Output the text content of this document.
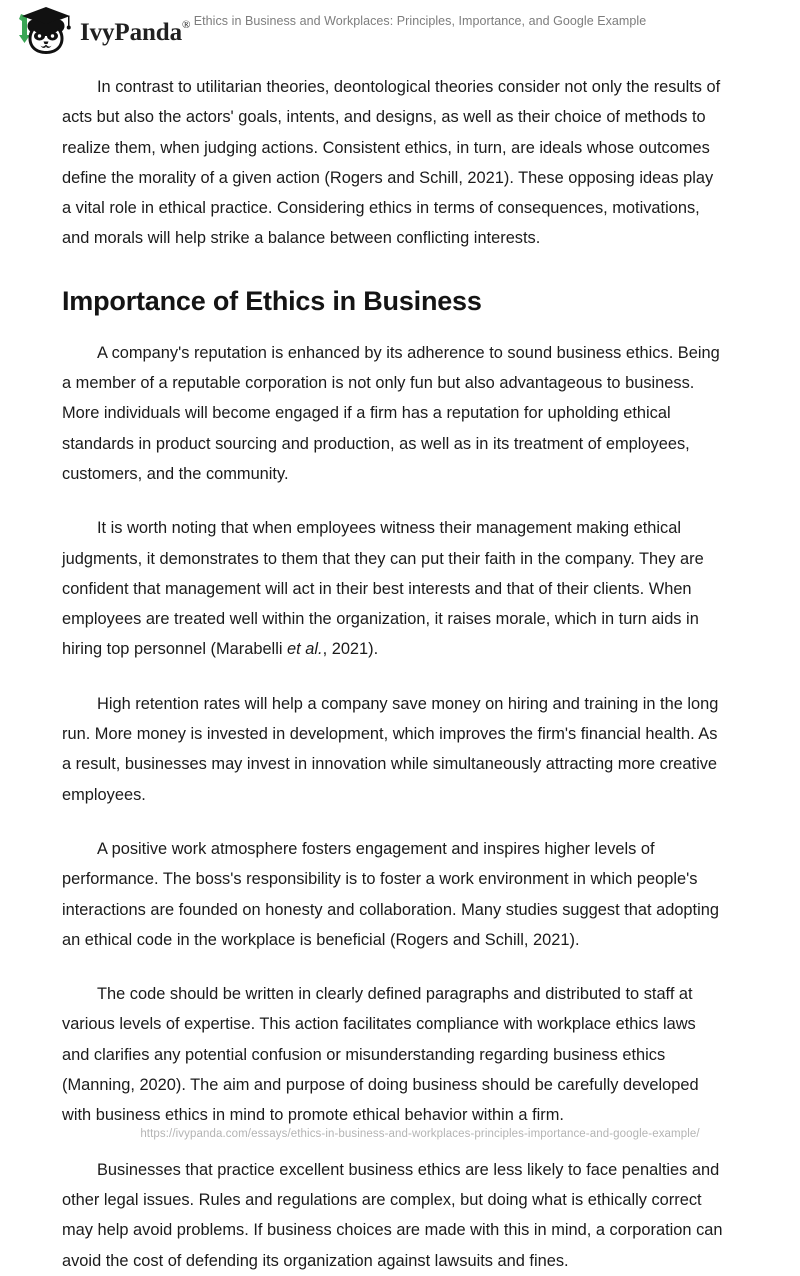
IvyPanda® Ethics in Business and Workplaces: Principles, Importance, and Google Example

In contrast to utilitarian theories, deontological theories consider not only the results of acts but also the actors' goals, intents, and designs, as well as their choice of methods to realize them, when judging actions. Consistent ethics, in turn, are ideals whose outcomes define the morality of a given action (Rogers and Schill, 2021). These opposing ideas play a vital role in ethical practice. Considering ethics in terms of consequences, motivations, and morals will help strike a balance between conflicting interests.

Importance of Ethics in Business

A company's reputation is enhanced by its adherence to sound business ethics. Being a member of a reputable corporation is not only fun but also advantageous to business. More individuals will become engaged if a firm has a reputation for upholding ethical standards in product sourcing and production, as well as in its treatment of employees, customers, and the community.

It is worth noting that when employees witness their management making ethical judgments, it demonstrates to them that they can put their faith in the company. They are confident that management will act in their best interests and that of their clients. When employees are treated well within the organization, it raises morale, which in turn aids in hiring top personnel (Marabelli et al., 2021).

High retention rates will help a company save money on hiring and training in the long run. More money is invested in development, which improves the firm's financial health. As a result, businesses may invest in innovation while simultaneously attracting more creative employees.

A positive work atmosphere fosters engagement and inspires higher levels of performance. The boss's responsibility is to foster a work environment in which people's interactions are founded on honesty and collaboration. Many studies suggest that adopting an ethical code in the workplace is beneficial (Rogers and Schill, 2021).

The code should be written in clearly defined paragraphs and distributed to staff at various levels of expertise. This action facilitates compliance with workplace ethics laws and clarifies any potential confusion or misunderstanding regarding business ethics (Manning, 2020). The aim and purpose of doing business should be carefully developed with business ethics in mind to promote ethical behavior within a firm.

Businesses that practice excellent business ethics are less likely to face penalties and other legal issues. Rules and regulations are complex, but doing what is ethically correct may help avoid problems. If business choices are made with this in mind, a corporation can avoid the cost of defending its organization against lawsuits and fines.

https://ivypanda.com/essays/ethics-in-business-and-workplaces-principles-importance-and-google-example/
